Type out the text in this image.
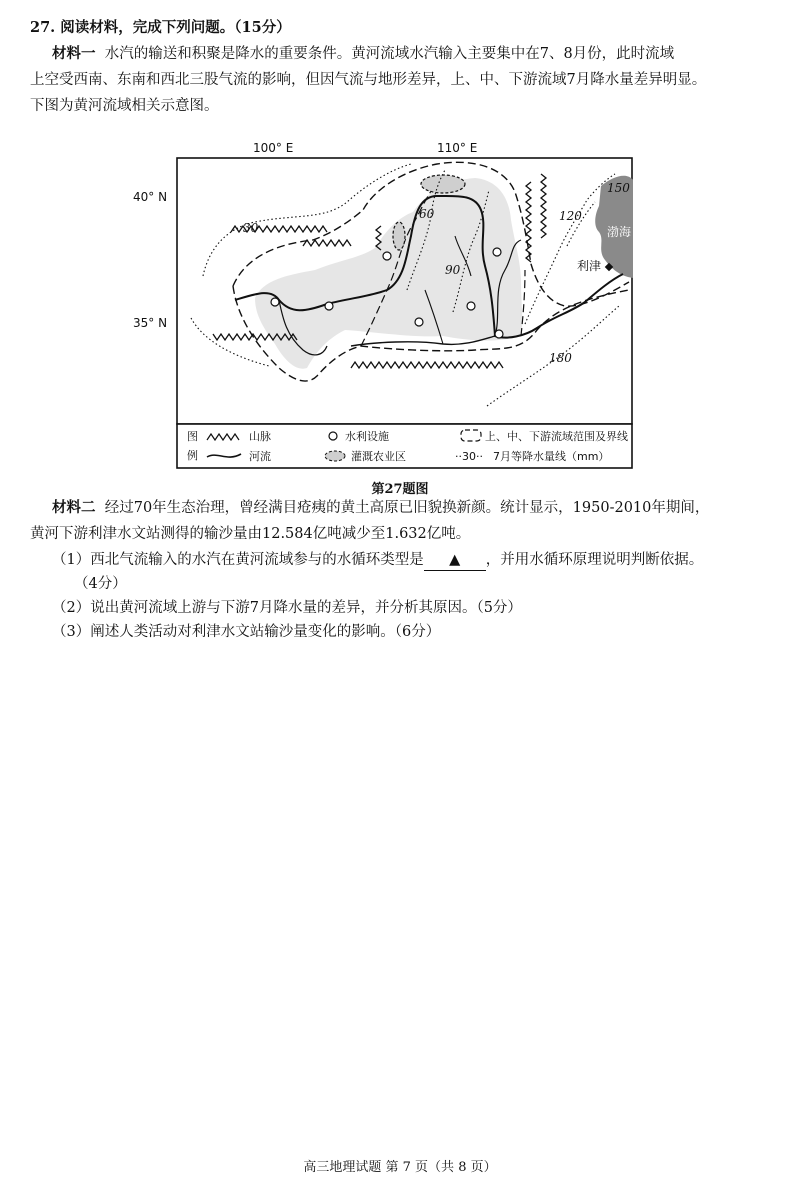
27. 阅读材料，完成下列问题。（15分）
材料一 水汽的输送和积聚是降水的重要条件。黄河流域水汽输入主要集中在7、8月份，此时流域
上空受西南、东南和西北三股气流的影响，但因气流与地形差异，上、中、下游流域7月降水量差异明显。
下图为黄河流域相关示意图。
100° E	110° E
30
60
90
120
150
180
渤海
利津
图
例
山脉
河流
水利设施
灌溉农业区
上、中、下游流域范围及界线
··30·· 7月等降水量线（mm）
40° N
35° N
第27题图
材料二 经过70年生态治理，曾经满目疮痍的黄土高原已旧貌换新颜。统计显示，1950-2010年期间，
黄河下游利津水文站测得的输沙量由12.584亿吨减少至1.632亿吨。
（1）西北气流输入的水汽在黄河流域参与的水循环类型是 ▲ ，并用水循环原理说明判断依据。
（4分）
（2）说出黄河流域上游与下游7月降水量的差异，并分析其原因。（5分）
（3）阐述人类活动对利津水文站输沙量变化的影响。（6分）
高三地理试题 第 7 页（共 8 页）
